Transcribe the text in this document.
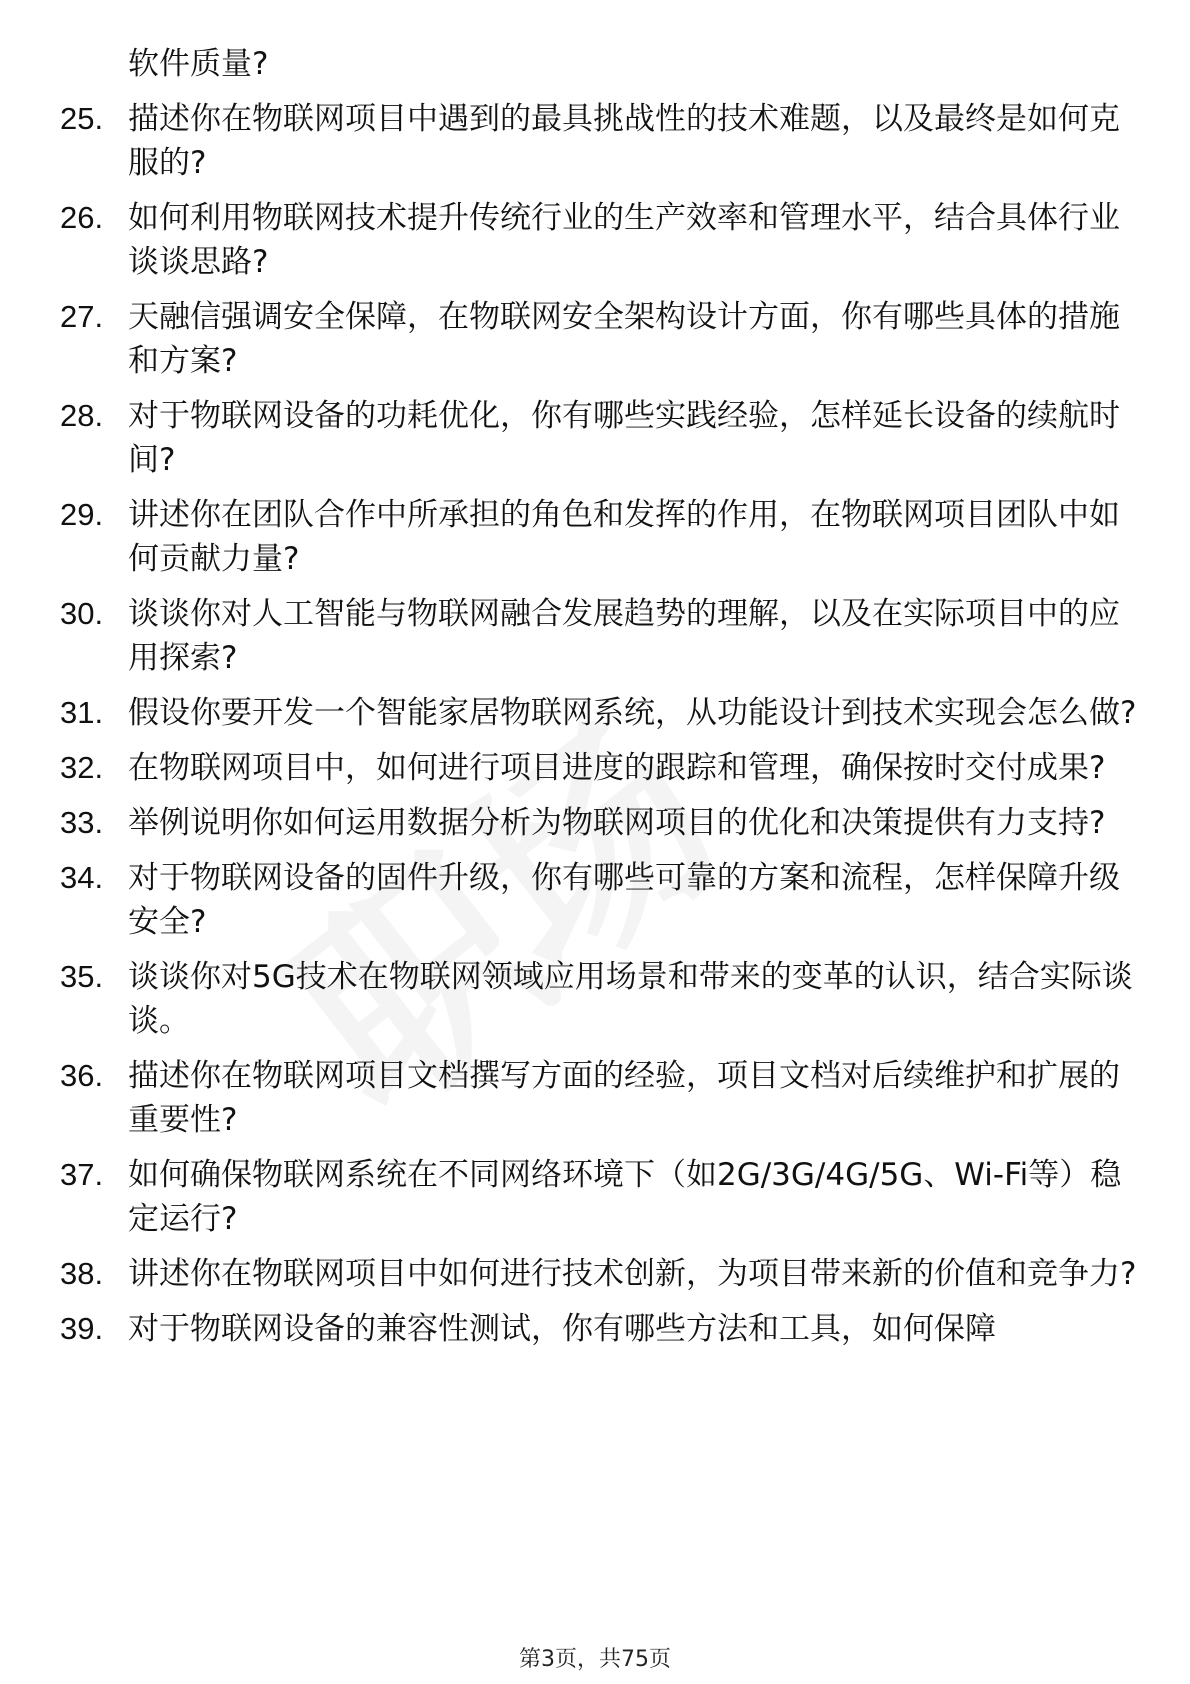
软件质量?
25. 描述你在物联网项目中遇到的最具挑战性的技术难题，以及最终是如何克服的?
26. 如何利用物联网技术提升传统行业的生产效率和管理水平，结合具体行业谈谈思路?
27. 天融信强调安全保障，在物联网安全架构设计方面，你有哪些具体的措施和方案?
28. 对于物联网设备的功耗优化，你有哪些实践经验，怎样延长设备的续航时间?
29. 讲述你在团队合作中所承担的角色和发挥的作用，在物联网项目团队中如何贡献力量?
30. 谈谈你对人工智能与物联网融合发展趋势的理解，以及在实际项目中的应用探索?
31. 假设你要开发一个智能家居物联网系统，从功能设计到技术实现会怎么做?
32. 在物联网项目中，如何进行项目进度的跟踪和管理，确保按时交付成果?
33. 举例说明你如何运用数据分析为物联网项目的优化和决策提供有力支持?
34. 对于物联网设备的固件升级，你有哪些可靠的方案和流程，怎样保障升级安全?
35. 谈谈你对5G技术在物联网领域应用场景和带来的变革的认识，结合实际谈谈。
36. 描述你在物联网项目文档撰写方面的经验，项目文档对后续维护和扩展的重要性?
37. 如何确保物联网系统在不同网络环境下（如2G/3G/4G/5G、Wi-Fi等）稳定运行?
38. 讲述你在物联网项目中如何进行技术创新，为项目带来新的价值和竞争力?
39. 对于物联网设备的兼容性测试，你有哪些方法和工具，如何保障
第3页，共75页
